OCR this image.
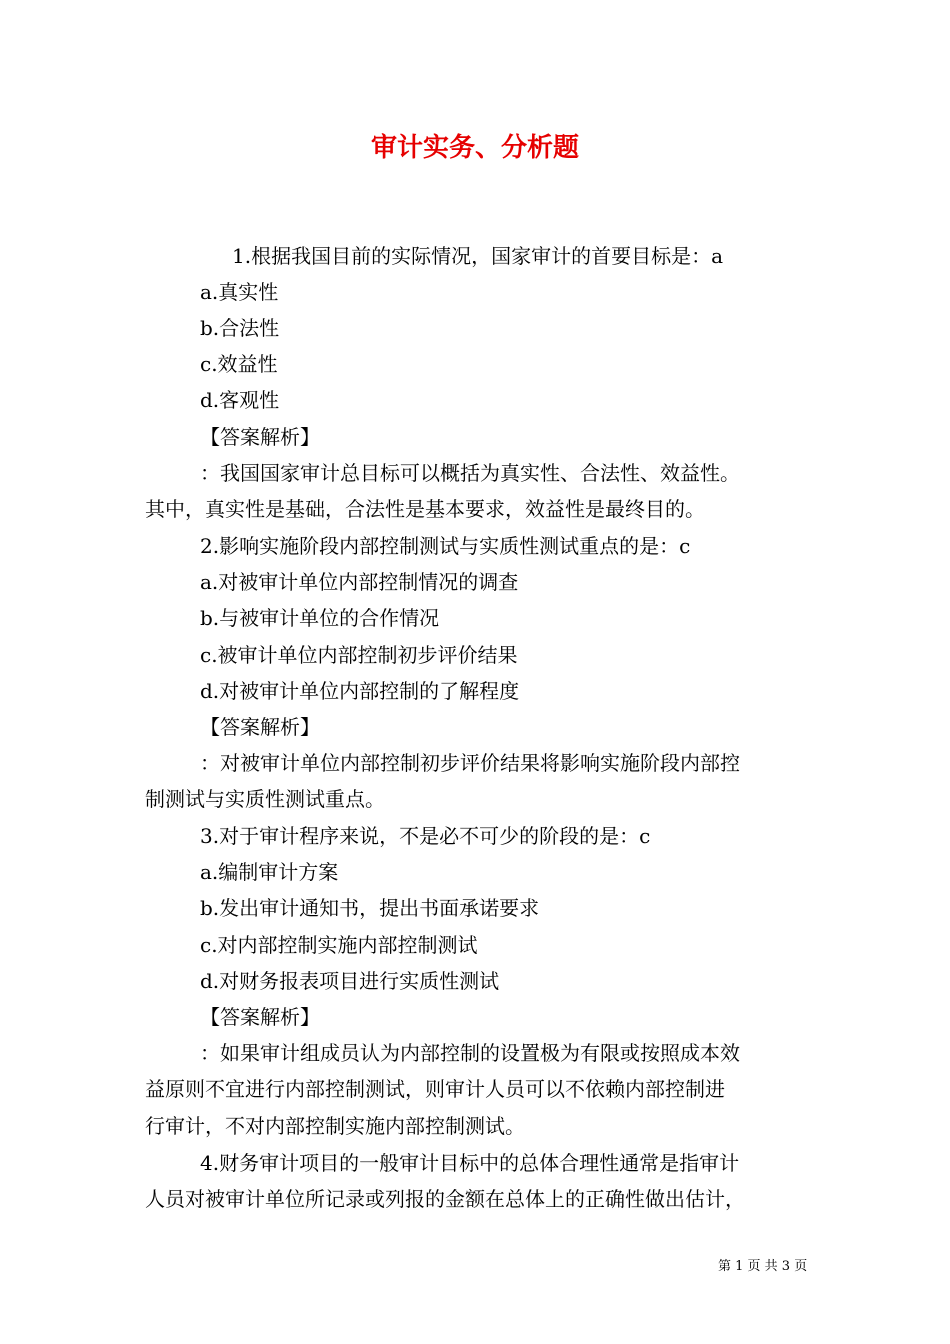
审计实务、分析题

1.根据我国目前的实际情况，国家审计的首要目标是：a

a.真实性

b.合法性

c.效益性

d.客观性

【答案解析】

：我国国家审计总目标可以概括为真实性、合法性、效益性。

其中，真实性是基础，合法性是基本要求，效益性是最终目的。

2.影响实施阶段内部控制测试与实质性测试重点的是：c

a.对被审计单位内部控制情况的调查

b.与被审计单位的合作情况

c.被审计单位内部控制初步评价结果

d.对被审计单位内部控制的了解程度

【答案解析】

：对被审计单位内部控制初步评价结果将影响实施阶段内部控

制测试与实质性测试重点。

3.对于审计程序来说，不是必不可少的阶段的是：c

a.编制审计方案

b.发出审计通知书，提出书面承诺要求

c.对内部控制实施内部控制测试

d.对财务报表项目进行实质性测试

【答案解析】

：如果审计组成员认为内部控制的设置极为有限或按照成本效

益原则不宜进行内部控制测试，则审计人员可以不依赖内部控制进

行审计，不对内部控制实施内部控制测试。

4.财务审计项目的一般审计目标中的总体合理性通常是指审计

人员对被审计单位所记录或列报的金额在总体上的正确性做出估计，

第 1 页 共 3 页
